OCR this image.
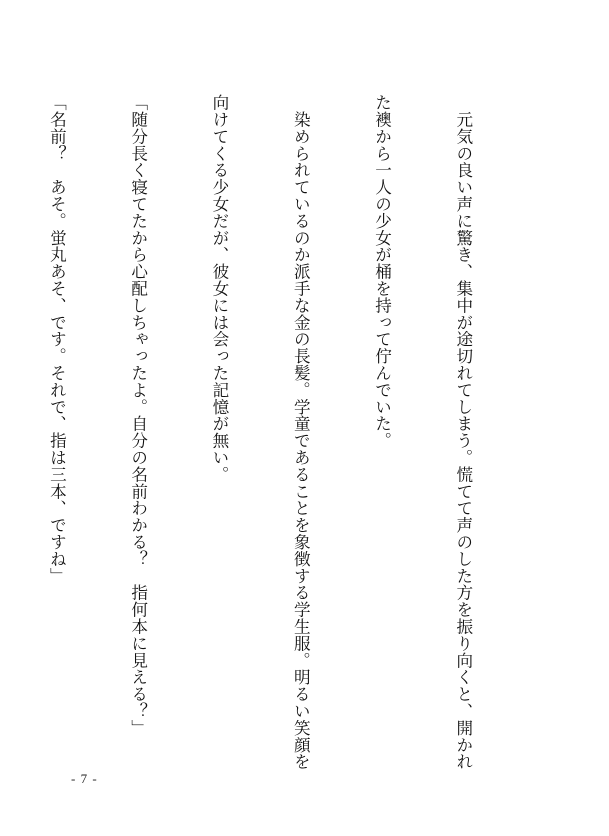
　元気の良い声に驚き、集中が途切れてしまう。慌てて声のした方を振り向くと、開かれ

た襖から一人の少女が桶を持って佇んでいた。

　染められているのか派手な金の長髪。学童であることを象徴する学生服。明るい笑顔を

向けてくる少女だが、彼女には会った記憶が無い。

「随分長く寝てたから心配しちゃったよ。自分の名前わかる？　指何本に見える？」

「名前？　あそ。蛍丸あそ、です。それで、指は三本、ですね」

- 7 -
